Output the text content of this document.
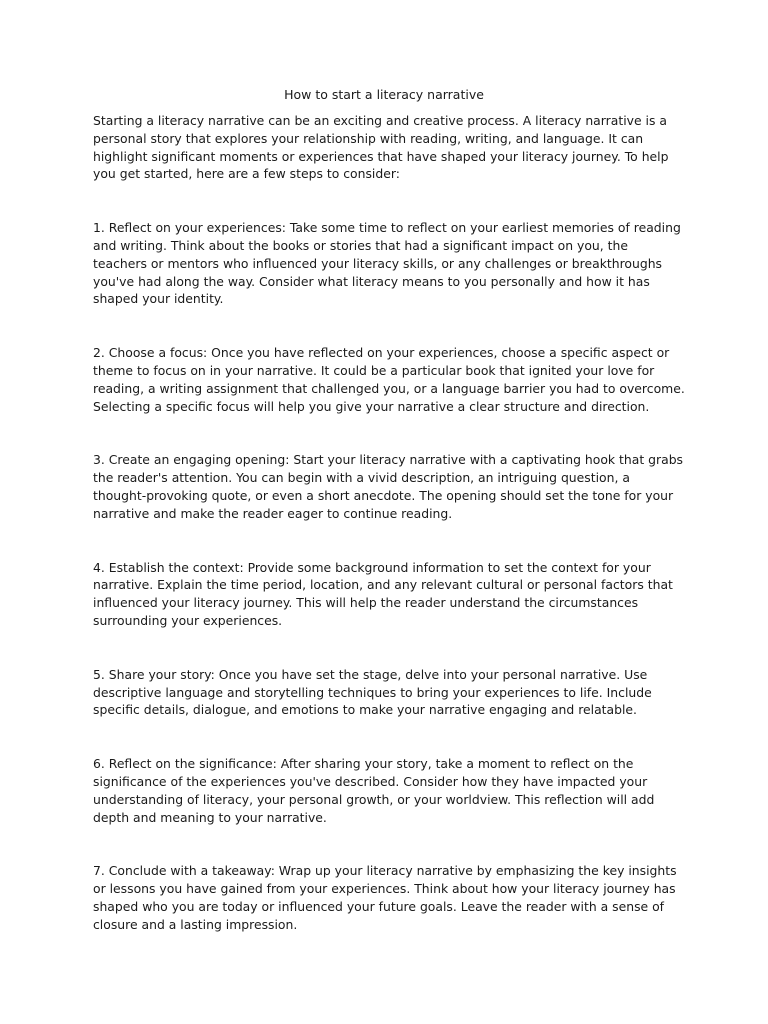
How to start a literacy narrative

Starting a literacy narrative can be an exciting and creative process. A literacy narrative is a personal story that explores your relationship with reading, writing, and language. It can highlight significant moments or experiences that have shaped your literacy journey. To help you get started, here are a few steps to consider:

1. Reflect on your experiences: Take some time to reflect on your earliest memories of reading and writing. Think about the books or stories that had a significant impact on you, the teachers or mentors who influenced your literacy skills, or any challenges or breakthroughs you've had along the way. Consider what literacy means to you personally and how it has shaped your identity.

2. Choose a focus: Once you have reflected on your experiences, choose a specific aspect or theme to focus on in your narrative. It could be a particular book that ignited your love for reading, a writing assignment that challenged you, or a language barrier you had to overcome. Selecting a specific focus will help you give your narrative a clear structure and direction.

3. Create an engaging opening: Start your literacy narrative with a captivating hook that grabs the reader's attention. You can begin with a vivid description, an intriguing question, a thought-provoking quote, or even a short anecdote. The opening should set the tone for your narrative and make the reader eager to continue reading.

4. Establish the context: Provide some background information to set the context for your narrative. Explain the time period, location, and any relevant cultural or personal factors that influenced your literacy journey. This will help the reader understand the circumstances surrounding your experiences.

5. Share your story: Once you have set the stage, delve into your personal narrative. Use descriptive language and storytelling techniques to bring your experiences to life. Include specific details, dialogue, and emotions to make your narrative engaging and relatable.

6. Reflect on the significance: After sharing your story, take a moment to reflect on the significance of the experiences you've described. Consider how they have impacted your understanding of literacy, your personal growth, or your worldview. This reflection will add depth and meaning to your narrative.

7. Conclude with a takeaway: Wrap up your literacy narrative by emphasizing the key insights or lessons you have gained from your experiences. Think about how your literacy journey has shaped who you are today or influenced your future goals. Leave the reader with a sense of closure and a lasting impression.
